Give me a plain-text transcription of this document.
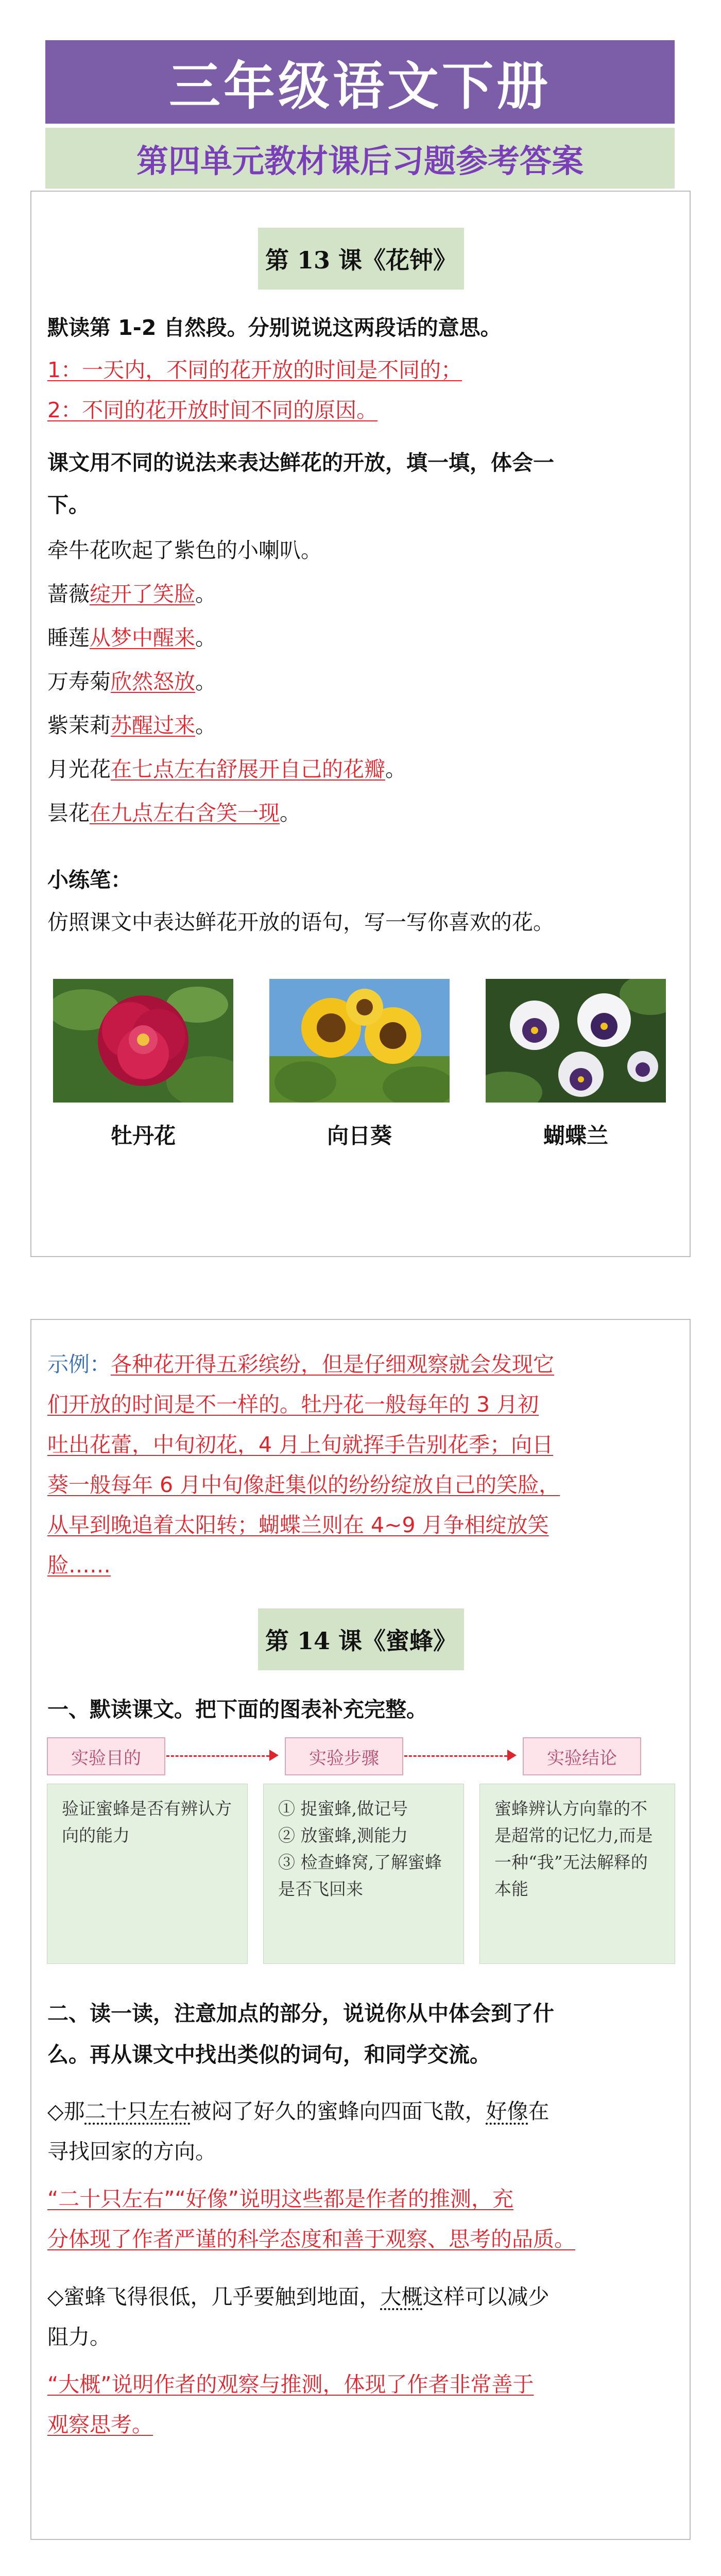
三年级语文下册
第四单元教材课后习题参考答案
第 13 课《花钟》
默读第 1-2 自然段。分别说说这两段话的意思。
1：一天内，不同的花开放的时间是不同的；
2：不同的花开放时间不同的原因。
课文用不同的说法来表达鲜花的开放，填一填，体会一
下。
牵牛花吹起了紫色的小喇叭。
蔷薇绽开了笑脸。
睡莲从梦中醒来。
万寿菊欣然怒放。
紫茉莉苏醒过来。
月光花在七点左右舒展开自己的花瓣。
昙花在九点左右含笑一现。
小练笔：
仿照课文中表达鲜花开放的语句，写一写你喜欢的花。
牡丹花	向日葵	蝴蝶兰
示例：各种花开得五彩缤纷，但是仔细观察就会发现它
们开放的时间是不一样的。牡丹花一般每年的 3 月初
吐出花蕾，中旬初花，4 月上旬就挥手告别花季；向日
葵一般每年 6 月中旬像赶集似的纷纷绽放自己的笑脸，
从早到晚追着太阳转；蝴蝶兰则在 4~9 月争相绽放笑
脸……
第 14 课《蜜蜂》
一、默读课文。把下面的图表补充完整。
实验目的	实验步骤	实验结论
验证蜜蜂是否有辨认方向的能力
① 捉蜜蜂,做记号
② 放蜜蜂,测能力
③ 检查蜂窝,了解蜜蜂是否飞回来
蜜蜂辨认方向靠的不是超常的记忆力,而是一种“我”无法解释的本能
二、读一读，注意加点的部分，说说你从中体会到了什
么。再从课文中找出类似的词句，和同学交流。
◇那二十只左右被闷了好久的蜜蜂向四面飞散，好像在
寻找回家的方向。
“二十只左右”“好像”说明这些都是作者的推测，充
分体现了作者严谨的科学态度和善于观察、思考的品质。
◇蜜蜂飞得很低，几乎要触到地面，大概这样可以减少
阻力。
“大概”说明作者的观察与推测，体现了作者非常善于
观察思考。
